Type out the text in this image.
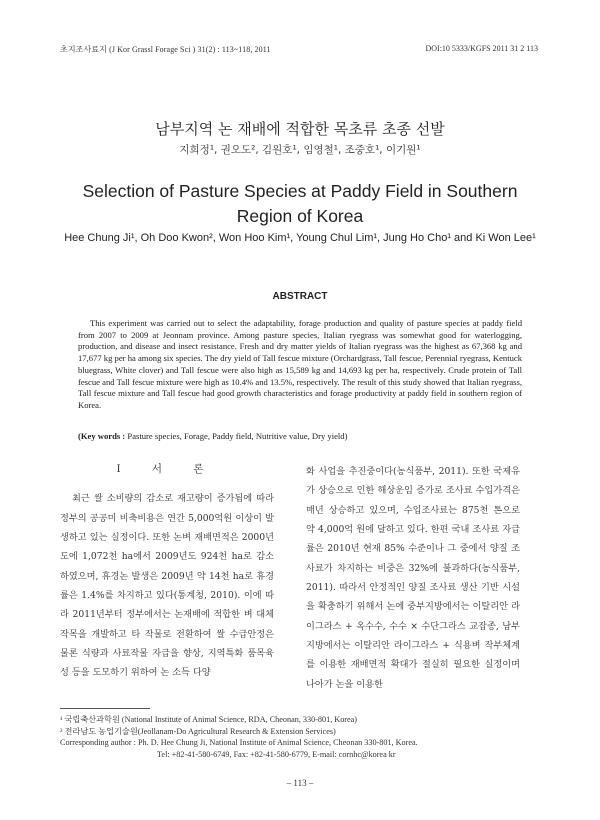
초지조사료지 (J Kor Grassl Forage Sci ) 31(2) : 113~118, 2011	DOI:10 5333/KGFS 2011 31 2 113
남부지역 논 재배에 적합한 목초류 초종 선발
지희정¹, 권오도², 김원호¹, 임영철¹, 조중호¹, 이기원¹
Selection of Pasture Species at Paddy Field in Southern Region of Korea
Hee Chung Ji¹, Oh Doo Kwon², Won Hoo Kim¹, Young Chul Lim¹, Jung Ho Cho¹ and Ki Won Lee¹
ABSTRACT

This experiment was carried out to select the adaptability, forage production and quality of pasture species at paddy field from 2007 to 2009 at Jeonnam province. Among pasture species, Italian ryegrass was somewhat good for waterlogging, production, and disease and insect resistance. Fresh and dry matter yields of Italian ryegrass was the highest as 67,368 kg and 17,677 kg per ha among six species. The dry yield of Tall fescue mixture (Orchardgrass, Tall fescue, Perennial ryegrass, Kentuck bluegrass, White clover) and Tall fescue were also high as 15,589 kg and 14,693 kg per ha, respectively. Crude protein of Tall fescue and Tall fescue mixture were high as 10.4% and 13.5%, respectively. The result of this study showed that Italian ryegrass, Tall fescue mixture and Tall fescue had good growth characteristics and forage productivity at paddy field in southern region of Korea.

(Key words : Pasture species, Forage, Paddy field, Nutritive value, Dry yield)

Ⅰ 서 론

최근 쌀 소비량의 감소로 재고량이 증가됨에 따라 정부의 공공미 비축비용은 연간 5,000억원 이상이 발생하고 있는 실정이다. 또한 논벼 재배면적은 2000년도에 1,072천 ha에서 2009년도 924천 ha로 감소하였으며, 휴경논 발생은 2009년 약 14천 ha로 휴경률은 1.4%를 차지하고 있다(통계청, 2010). 이에 따라 2011년부터 정부에서는 논재배에 적합한 벼 대체 작목을 개발하고 타 작물로 전환하여 쌀 수급안정은 물론 식량과 사료작물 자급을 향상, 지역특화 품목육성 등을 도모하기 위하여 논 소득 다양

화 사업을 추진중이다(농식품부, 2011). 또한 국제유가 상승으로 인한 해상운임 증가로 조사료 수입가격은 매년 상승하고 있으며, 수입조사료는 875천 톤으로 약 4,000억 원에 달하고 있다. 한편 국내 조사료 자급률은 2010년 현재 85% 수준이나 그 중에서 양질 조사료가 차지하는 비중은 32%에 불과하다(농식품부, 2011). 따라서 안정적인 양질 조사료 생산 기반 시설을 확충하기 위해서 논에 중부지방에서는 이탈리안 라이그라스 + 옥수수, 수수 × 수단그라스 교잡종, 남부지방에서는 이탈리안 라이그라스 + 식용벼 작부체계를 이용한 재배면적 확대가 절실히 필요한 실정이며 나아가 논을 이용한

¹ 국립축산과학원 (National Institute of Animal Science, RDA, Cheonan, 330-801, Korea)
² 전라남도 농업기술원(Jeollanam-Do Agricultural Research & Extension Services)
Corresponding author : Ph. D. Hee Chung Ji, National Institute of Animal Science, Cheonan 330-801, Korea.
Tel: +82-41-580-6749, Fax: +82-41-580-6779, E-mail: cornhc@korea kr
– 113 –
